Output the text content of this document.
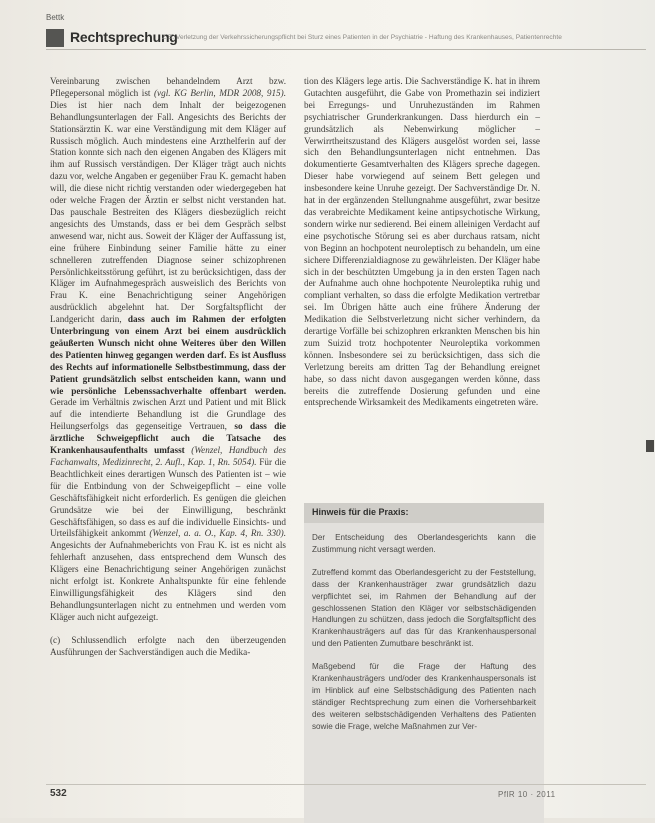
Bettk
Rechtsprechung
Z.B. Verletzung der Verkehrssicherungspflicht bei Sturz eines Patienten in der Psychiatrie - Haftung des Krankenhauses, Patientenrechte

Vereinbarung zwischen behandelndem Arzt bzw. Pflegepersonal möglich ist (vgl. KG Berlin, MDR 2008, 915). Dies ist hier nach dem Inhalt der beigezogenen Behandlungsunterlagen der Fall. Angesichts des Berichts der Stationsärztin K. war eine Verständigung mit dem Kläger auf Russisch möglich. Auch mindestens eine Arzthelferin auf der Station konnte sich nach den eigenen Angaben des Klägers mit ihm auf Russisch verständigen. Der Kläger trägt auch nichts dazu vor, welche Angaben er gegenüber Frau K. gemacht haben will, die diese nicht richtig verstanden oder wiedergegeben hat oder welche Fragen der Ärztin er selbst nicht verstanden hat. Das pauschale Bestreiten des Klägers diesbezüglich reicht angesichts des Umstands, dass er bei dem Gespräch selbst anwesend war, nicht aus. Soweit der Kläger der Auffassung ist, eine frühere Einbindung seiner Familie hätte zu einer schnelleren zutreffenden Diagnose seiner schizophrenen Persönlichkeitsstörung geführt, ist zu berücksichtigen, dass der Kläger im Aufnahmegespräch ausweislich des Berichts von Frau K. eine Benachrichtigung seiner Angehörigen ausdrücklich abgelehnt hat. Der Sorgfaltspflicht der Landgericht darin, dass auch im Rahmen der erfolgten Unterbringung von einem Arzt bei einem ausdrücklich geäußerten Wunsch nicht ohne Weiteres über den Willen des Patienten hinweg gegangen werden darf. Es ist Ausfluss des Rechts auf informationelle Selbstbestimmung, dass der Patient grundsätzlich selbst entscheiden kann, wann und wie persönliche Lebenssachverhalte offenbart werden. Gerade im Verhältnis zwischen Arzt und Patient und mit Blick auf die intendierte Behandlung ist die Grundlage des Heilungserfolgs das gegenseitige Vertrauen, so dass die ärztliche Schweigepflicht auch die Tatsache des Krankenhausaufenthalts umfasst (Wenzel, Handbuch des Fachanwalts, Medizinrecht, 2. Aufl., Kap. 1, Rn. 5054). Für die Beachtlichkeit eines derartigen Wunsch des Patienten ist – wie für die Entbindung von der Schweigepflicht – eine volle Geschäftsfähigkeit nicht erforderlich. Es genügen die gleichen Grundsätze wie bei der Einwilligung, beschränkt Geschäftsfähigen, so dass es auf die individuelle Einsichts- und Urteilsfähigkeit ankommt (Wenzel, a. a. O., Kap. 4, Rn. 330). Angesichts der Aufnahmeberichts von Frau K. ist es nicht als fehlerhaft anzusehen, dass entsprechend dem Wunsch des Klägers eine Benachrichtigung seiner Angehörigen zunächst nicht erfolgt ist. Konkrete Anhaltspunkte für eine fehlende Einwilligungsfähigkeit des Klägers sind den Behandlungsunterlagen nicht zu entnehmen und werden vom Kläger auch nicht aufgezeigt.

(c) Schlussendlich erfolgte nach den überzeugenden Ausführungen der Sachverständigen auch die Medika-

tion des Klägers lege artis. Die Sachverständige K. hat in ihrem Gutachten ausgeführt, die Gabe von Promethazin sei indiziert bei Erregungs- und Unruhezuständen im Rahmen psychiatrischer Grunderkrankungen. Dass hierdurch ein – grundsätzlich als Nebenwirkung möglicher – Verwirrtheitszustand des Klägers ausgelöst worden sei, lasse sich den Behandlungsunterlagen nicht entnehmen. Das dokumentierte Gesamtverhalten des Klägers spreche dagegen. Dieser habe vorwiegend auf seinem Bett gelegen und insbesondere keine Unruhe gezeigt. Der Sachverständige Dr. N. hat in der ergänzenden Stellungnahme ausgeführt, zwar besitze das verabreichte Medikament keine antipsychotische Wirkung, sondern wirke nur sedierend. Bei einem alleinigen Verdacht auf eine psychotische Störung sei es aber durchaus ratsam, nicht von Beginn an hochpotent neuroleptisch zu behandeln, um eine sichere Differenzialdiagnose zu gewährleisten. Der Kläger habe sich in der beschützten Umgebung ja in den ersten Tagen nach der Aufnahme auch ohne hochpotente Neuroleptika ruhig und compliant verhalten, so dass die erfolgte Medikation vertretbar sei. Im Übrigen hätte auch eine frühere Änderung der Medikation die Selbstverletzung nicht sicher verhindern, da derartige Vorfälle bei schizophren erkrankten Menschen bis hin zum Suizid trotz hochpotenter Neuroleptika vorkommen können. Insbesondere sei zu berücksichtigen, dass sich die Verletzung bereits am dritten Tag der Behandlung ereignet habe, so dass nicht davon ausgegangen werden könne, dass bereits die zutreffende Dosierung gefunden und eine entsprechende Wirksamkeit des Medikaments eingetreten wäre.

Hinweis für die Praxis:

Der Entscheidung des Oberlandesgerichts kann die Zustimmung nicht versagt werden.

Zutreffend kommt das Oberlandesgericht zu der Feststellung, dass der Krankenhausträger zwar grundsätzlich dazu verpflichtet sei, im Rahmen der Behandlung auf der geschlossenen Station den Kläger vor selbstschädigenden Handlungen zu schützen, dass jedoch die Sorgfaltspflicht des Krankenhausträgers auf das für das Krankenhauspersonal und den Patienten Zumutbare beschränkt ist.

Maßgebend für die Frage der Haftung des Krankenhausträgers und/oder des Krankenhauspersonals ist im Hinblick auf eine Selbstschädigung des Patienten nach ständiger Rechtsprechung zum einen die Vorhersehbarkeit des weiteren selbstschädigenden Verhaltens des Patienten sowie die Frage, welche Maßnahmen zur Ver-

532	PflR 10 · 2011
